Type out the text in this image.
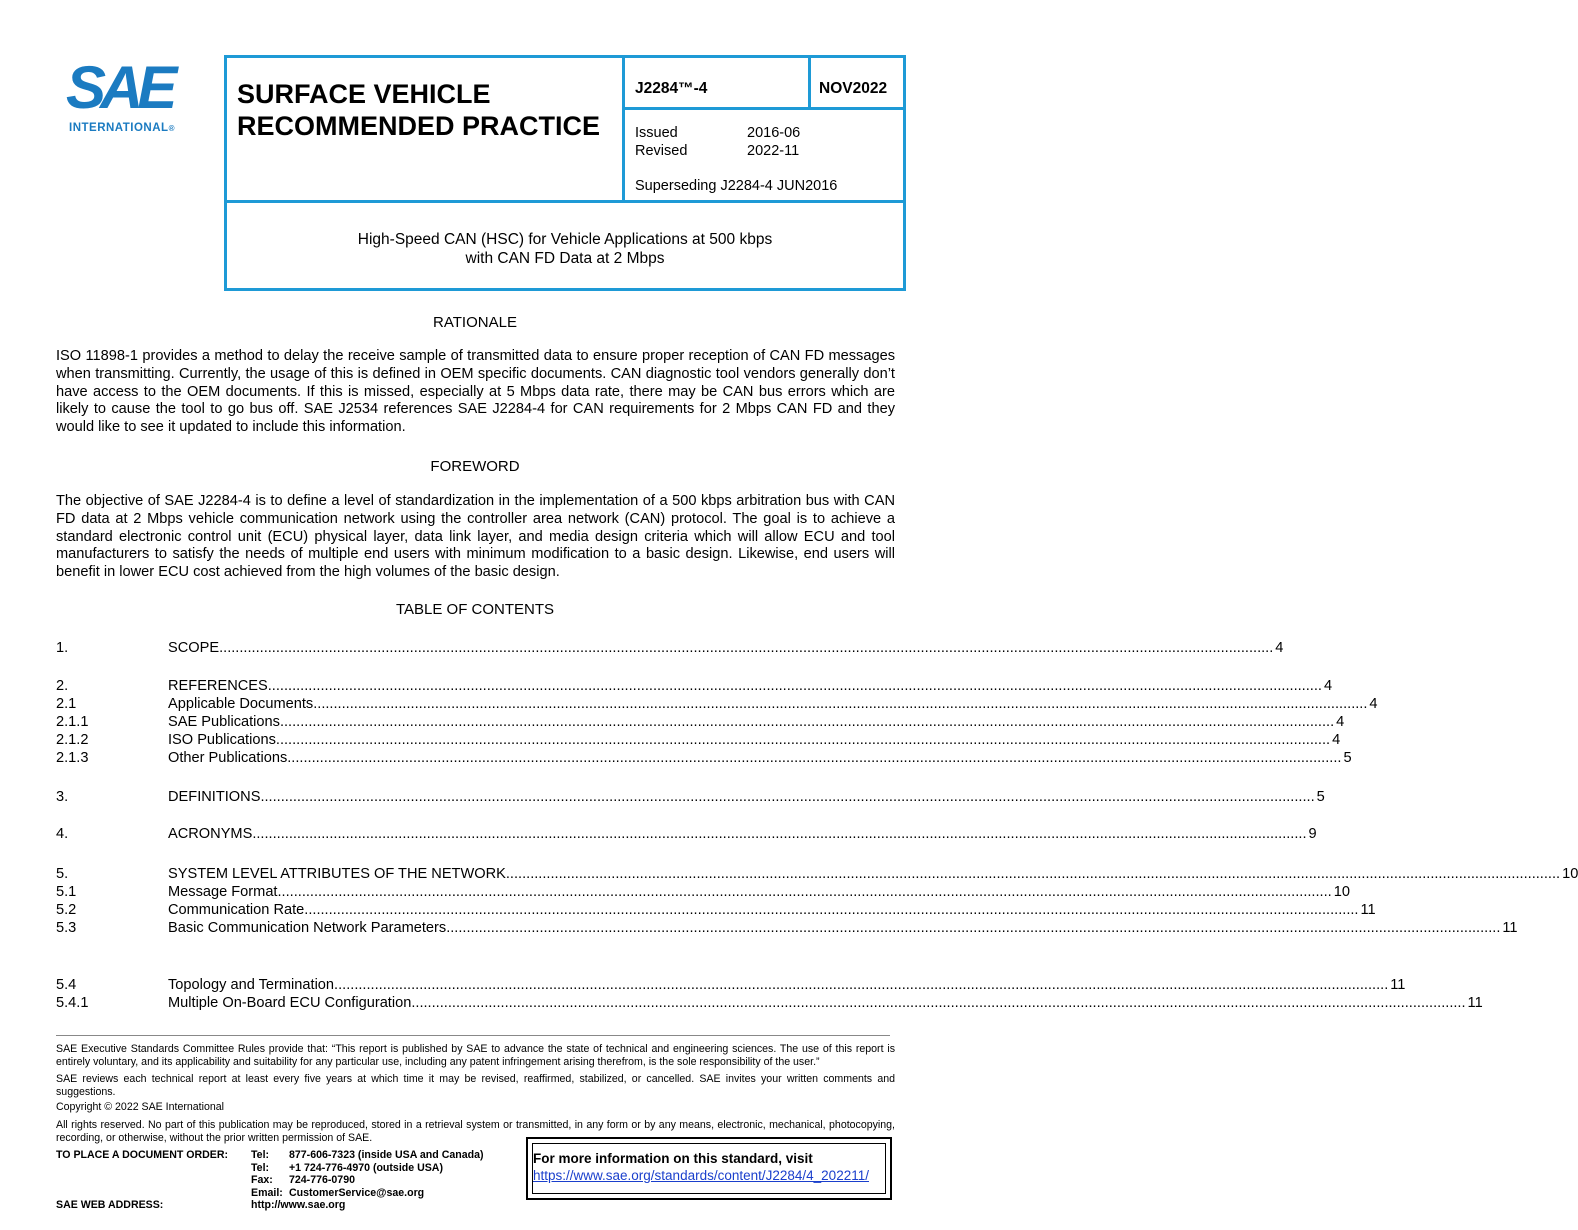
SAE
INTERNATIONAL®
SURFACE VEHICLE
RECOMMENDED PRACTICE
J2284™-4	NOV2022
Issued	2016-06
Revised	2022-11
Superseding J2284-4 JUN2016
High-Speed CAN (HSC) for Vehicle Applications at 500 kbps
with CAN FD Data at 2 Mbps
RATIONALE
ISO 11898-1 provides a method to delay the receive sample of transmitted data to ensure proper reception of CAN FD messages when transmitting. Currently, the usage of this is defined in OEM specific documents. CAN diagnostic tool vendors generally don’t have access to the OEM documents. If this is missed, especially at 5 Mbps data rate, there may be CAN bus errors which are likely to cause the tool to go bus off. SAE J2534 references SAE J2284-4 for CAN requirements for 2 Mbps CAN FD and they would like to see it updated to include this information.
FOREWORD
The objective of SAE J2284-4 is to define a level of standardization in the implementation of a 500 kbps arbitration bus with CAN FD data at 2 Mbps vehicle communication network using the controller area network (CAN) protocol. The goal is to achieve a standard electronic control unit (ECU) physical layer, data link layer, and media design criteria which will allow ECU and tool manufacturers to satisfy the needs of multiple end users with minimum modification to a basic design. Likewise, end users will benefit in lower ECU cost achieved from the high volumes of the basic design.
TABLE OF CONTENTS
1.	SCOPE .................................................................................................................................................................................................................................................................... 4
2.	REFERENCES .................................................................................................................................................................................................................................................................... 4
2.1	Applicable Documents .................................................................................................................................................................................................................................................................... 4
2.1.1	SAE Publications .................................................................................................................................................................................................................................................................... 4
2.1.2	ISO Publications .................................................................................................................................................................................................................................................................... 4
2.1.3	Other Publications .................................................................................................................................................................................................................................................................... 5
3.	DEFINITIONS .................................................................................................................................................................................................................................................................... 5
4.	ACRONYMS .................................................................................................................................................................................................................................................................... 9
5.	SYSTEM LEVEL ATTRIBUTES OF THE NETWORK .................................................................................................................................................................................................................................................................... 10
5.1	Message Format .................................................................................................................................................................................................................................................................... 10
5.2	Communication Rate .................................................................................................................................................................................................................................................................... 11
5.3	Basic Communication Network Parameters .................................................................................................................................................................................................................................................................... 11
5.4	Topology and Termination .................................................................................................................................................................................................................................................................... 11
5.4.1	Multiple On-Board ECU Configuration .................................................................................................................................................................................................................................................................... 11
SAE Executive Standards Committee Rules provide that: “This report is published by SAE to advance the state of technical and engineering sciences. The use of this report is entirely voluntary, and its applicability and suitability for any particular use, including any patent infringement arising therefrom, is the sole responsibility of the user.”
SAE reviews each technical report at least every five years at which time it may be revised, reaffirmed, stabilized, or cancelled. SAE invites your written comments and suggestions.
Copyright © 2022 SAE International
All rights reserved. No part of this publication may be reproduced, stored in a retrieval system or transmitted, in any form or by any means, electronic, mechanical, photocopying, recording, or otherwise, without the prior written permission of SAE.
TO PLACE A DOCUMENT ORDER: Tel: 877-606-7323 (inside USA and Canada)
Tel: +1 724-776-4970 (outside USA)
Fax: 724-776-0790
Email: CustomerService@sae.org
SAE WEB ADDRESS:	http://www.sae.org
For more information on this standard, visit
https://www.sae.org/standards/content/J2284/4_202211/
